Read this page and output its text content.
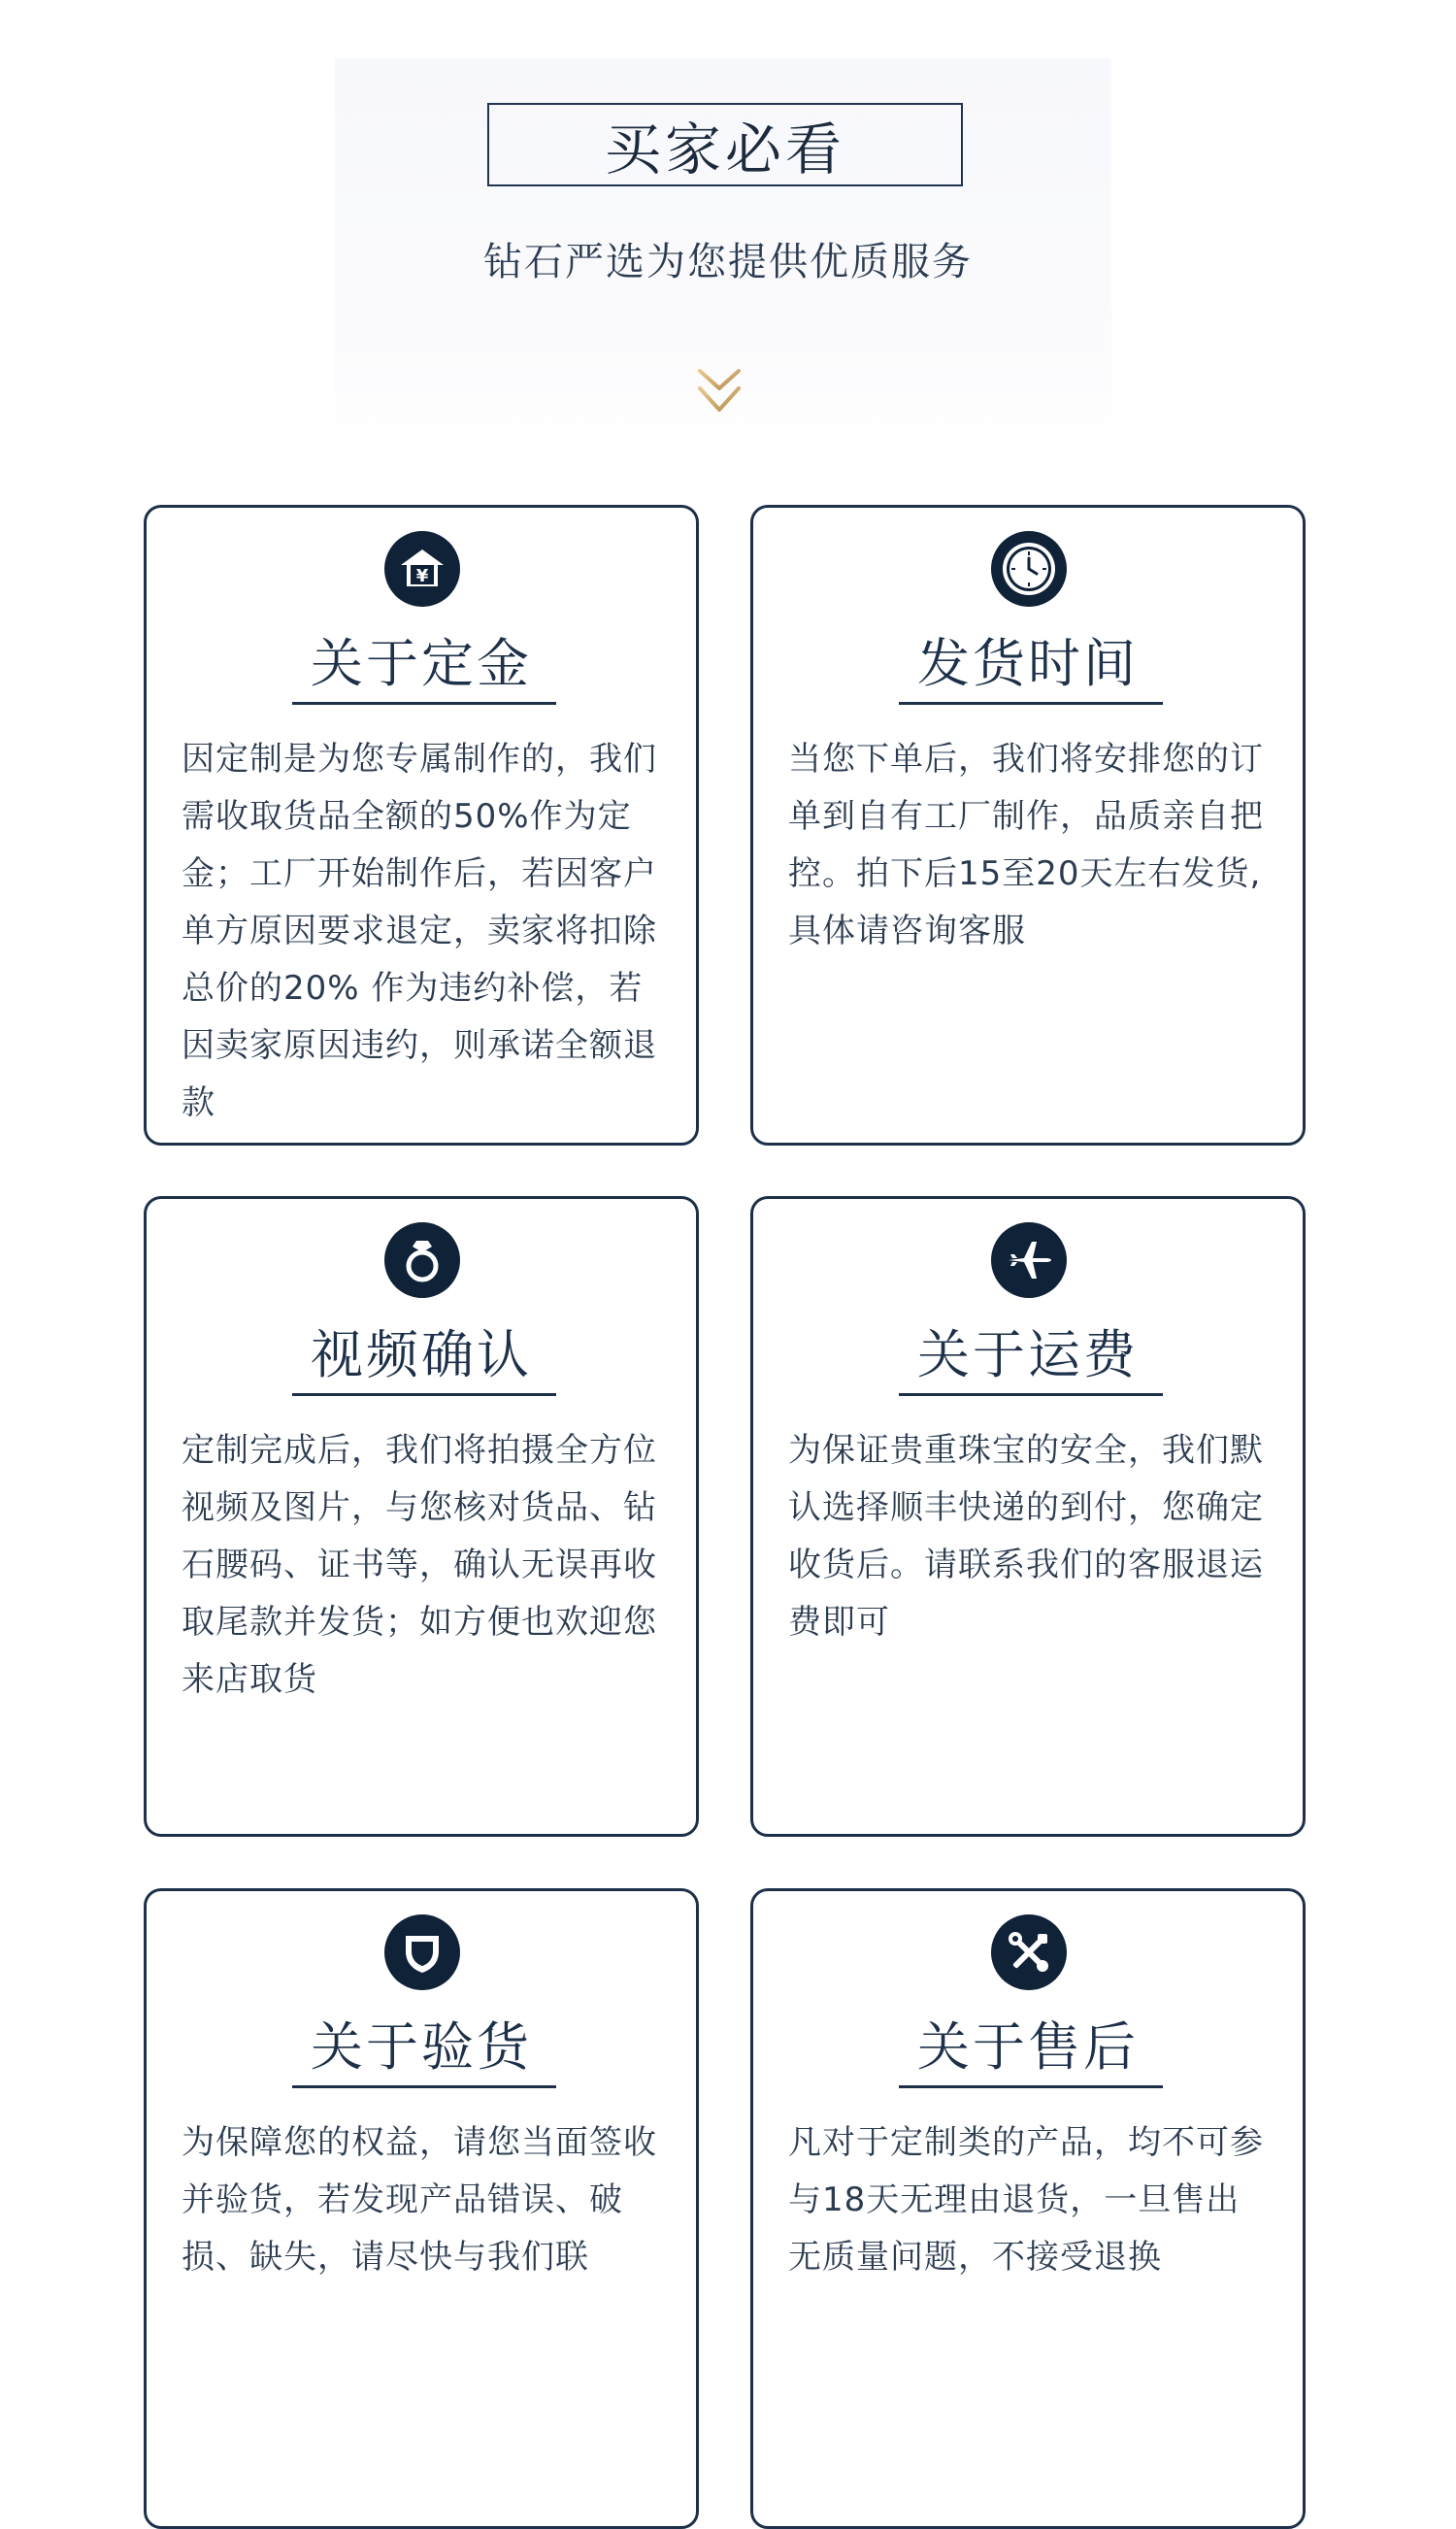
买家必看
钻石严选为您提供优质服务
¥
关于定金
因定制是为您专属制作的，我们需收取货品全额的50%作为定金；工厂开始制作后，若因客户单方原因要求退定，卖家将扣除总价的20% 作为违约补偿，若因卖家原因违约，则承诺全额退款
发货时间
当您下单后，我们将安排您的订单到自有工厂制作，品质亲自把控。拍下后15至20天左右发货,具体请咨询客服
视频确认
定制完成后，我们将拍摄全方位视频及图片，与您核对货品、钻石腰码、证书等，确认无误再收取尾款并发货；如方便也欢迎您来店取货
关于运费
为保证贵重珠宝的安全，我们默认选择顺丰快递的到付，您确定收货后。请联系我们的客服退运费即可
关于验货
为保障您的权益，请您当面签收并验货，若发现产品错误、破损、缺失，请尽快与我们联
关于售后
凡对于定制类的产品，均不可参与18天无理由退货，一旦售出无质量问题，不接受退换
